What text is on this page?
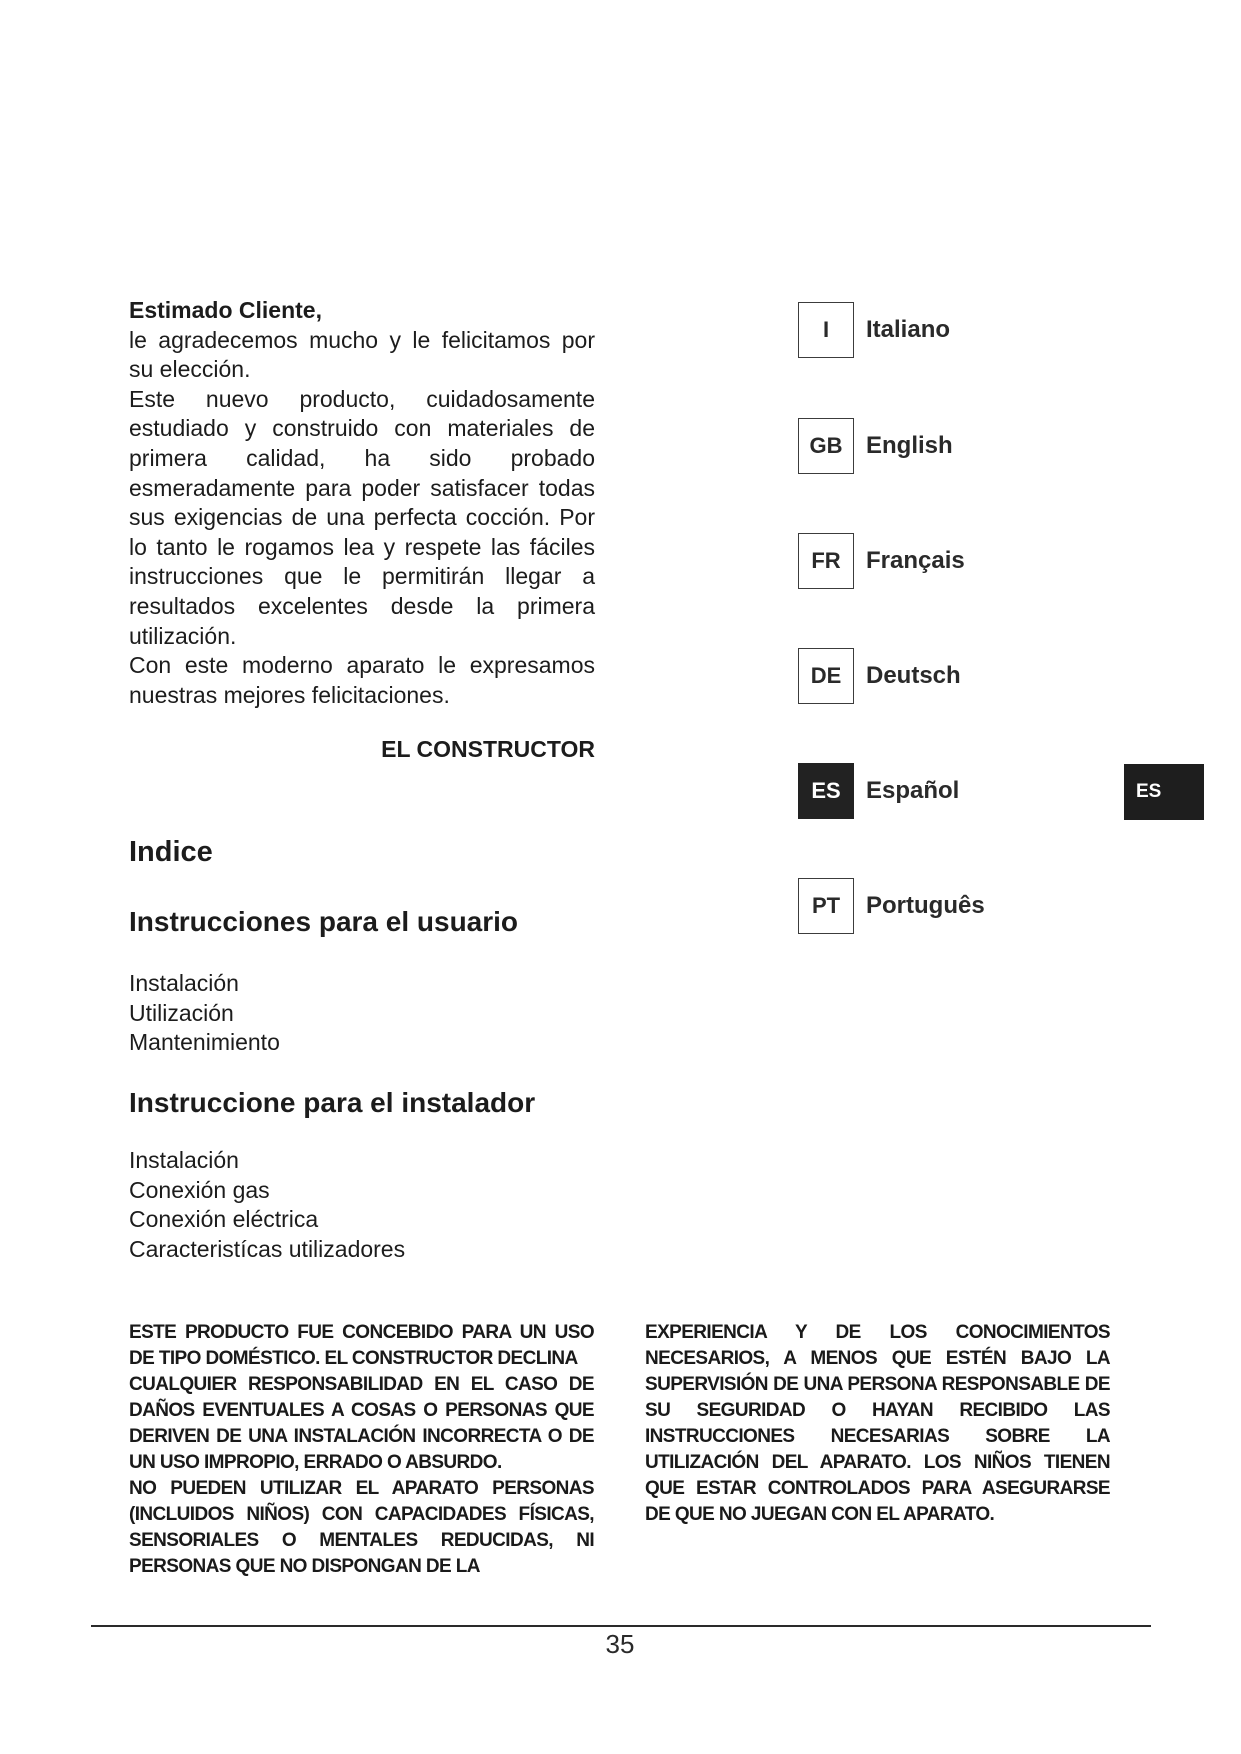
Estimado Cliente,
le agradecemos mucho y le felicitamos por su elección.
Este nuevo producto, cuidadosamente estudiado y construido con materiales de primera calidad, ha sido probado esmeradamente para poder satisfacer todas sus exigencias de una perfecta cocción. Por lo tanto le rogamos lea y respete las fáciles instrucciones que le permitirán llegar a resultados excelentes desde la primera utilización.
Con este moderno aparato le expresamos nuestras mejores felicitaciones.
EL CONSTRUCTOR
Indice
Instrucciones para el usuario
Instalación
Utilización
Mantenimiento
Instruccione para el instalador
Instalación
Conexión gas
Conexión eléctrica
Caracteristícas utilizadores
I	Italiano
GB English
FR	Français
DE	Deutsch
ES	Español
PT	Português
ES

ESTE PRODUCTO FUE CONCEBIDO PARA UN USO DE TIPO DOMÉSTICO. EL CONSTRUCTOR DECLINA

CUALQUIER RESPONSABILIDAD EN EL CASO DE DAÑOS EVENTUALES A COSAS O PERSONAS QUE DERIVEN DE UNA INSTALACIÓN INCORRECTA O DE UN USO IMPROPIO, ERRADO O ABSURDO.

NO PUEDEN UTILIZAR EL APARATO PERSONAS (INCLUIDOS NIÑOS) CON CAPACIDADES FÍSICAS, SENSORIALES O MENTALES REDUCIDAS, NI PERSONAS QUE NO DISPONGAN DE LA

EXPERIENCIA Y DE LOS CONOCIMIENTOS NECESARIOS, A MENOS QUE ESTÉN BAJO LA SUPERVISIÓN DE UNA PERSONA RESPONSABLE DE SU SEGURIDAD O HAYAN RECIBIDO LAS INSTRUCCIONES NECESARIAS SOBRE LA UTILIZACIÓN DEL APARATO. LOS NIÑOS TIENEN QUE ESTAR CONTROLADOS PARA ASEGURARSE DE QUE NO JUEGAN CON EL APARATO.

35
